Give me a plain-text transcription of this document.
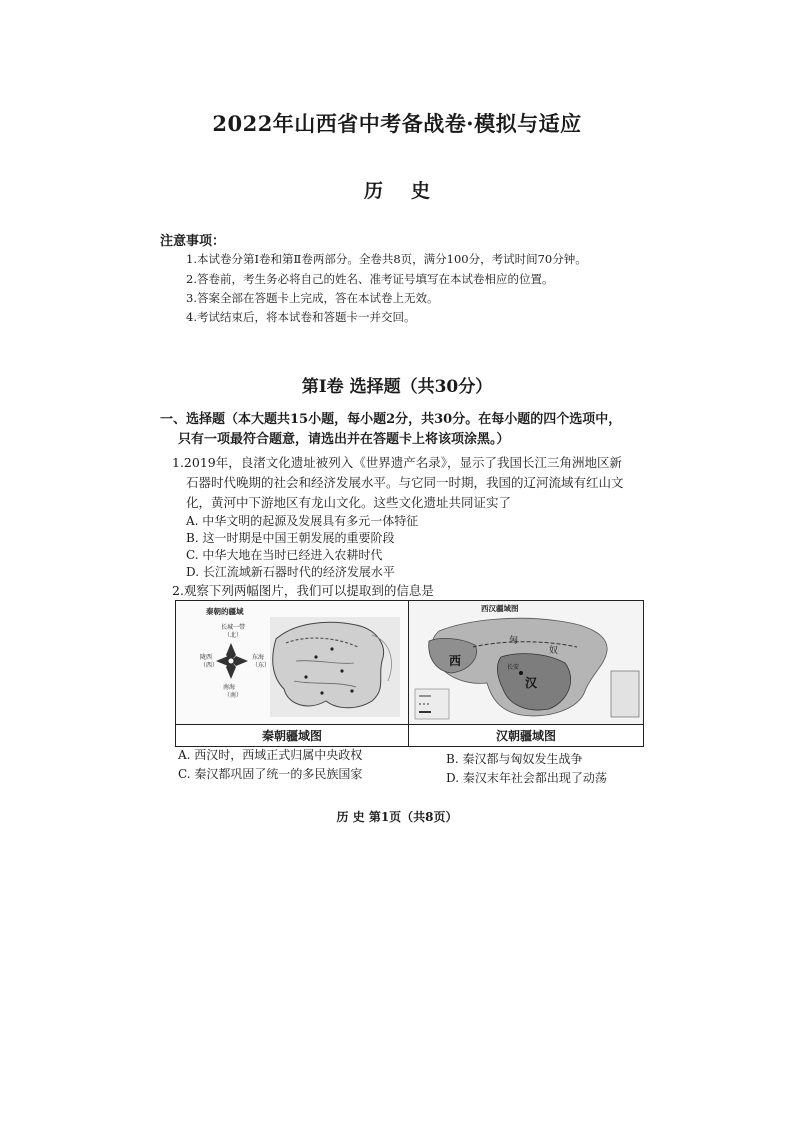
2022年山西省中考备战卷·模拟与适应
历史
注意事项：
1.本试卷分第Ⅰ卷和第Ⅱ卷两部分。全卷共8页，满分100分，考试时间70分钟。
2.答卷前，考生务必将自己的姓名、准考证号填写在本试卷相应的位置。
3.答案全部在答题卡上完成，答在本试卷上无效。
4.考试结束后，将本试卷和答题卡一并交回。
第Ⅰ卷 选择题（共30分）
一、选择题（本大题共15小题，每小题2分，共30分。在每小题的四个选项中，
只有一项最符合题意，请选出并在答题卡上将该项涂黑。）
1.2019年，良渚文化遗址被列入《世界遗产名录》，显示了我国长江三角洲地区新
石器时代晚期的社会和经济发展水平。与它同一时期，我国的辽河流域有红山文
化，黄河中下游地区有龙山文化。这些文化遗址共同证实了
A. 中华文明的起源及发展具有多元一体特征
B. 这一时期是中国王朝发展的重要阶段
C. 中华大地在当时已经进入农耕时代
D. 长江流域新石器时代的经济发展水平
2.观察下列两幅图片，我们可以提取到的信息是
秦朝的疆域
长城一带
（北）
陇西
（西）
东海
（东）
南海
（南）
西汉疆域图
匈
奴
西
汉
长安
秦朝疆域图	汉朝疆域图
A. 西汉时，西域正式归属中央政权	B. 秦汉都与匈奴发生战争
C. 秦汉都巩固了统一的多民族国家	D. 秦汉末年社会都出现了动荡
历 史 第1页（共8页）
